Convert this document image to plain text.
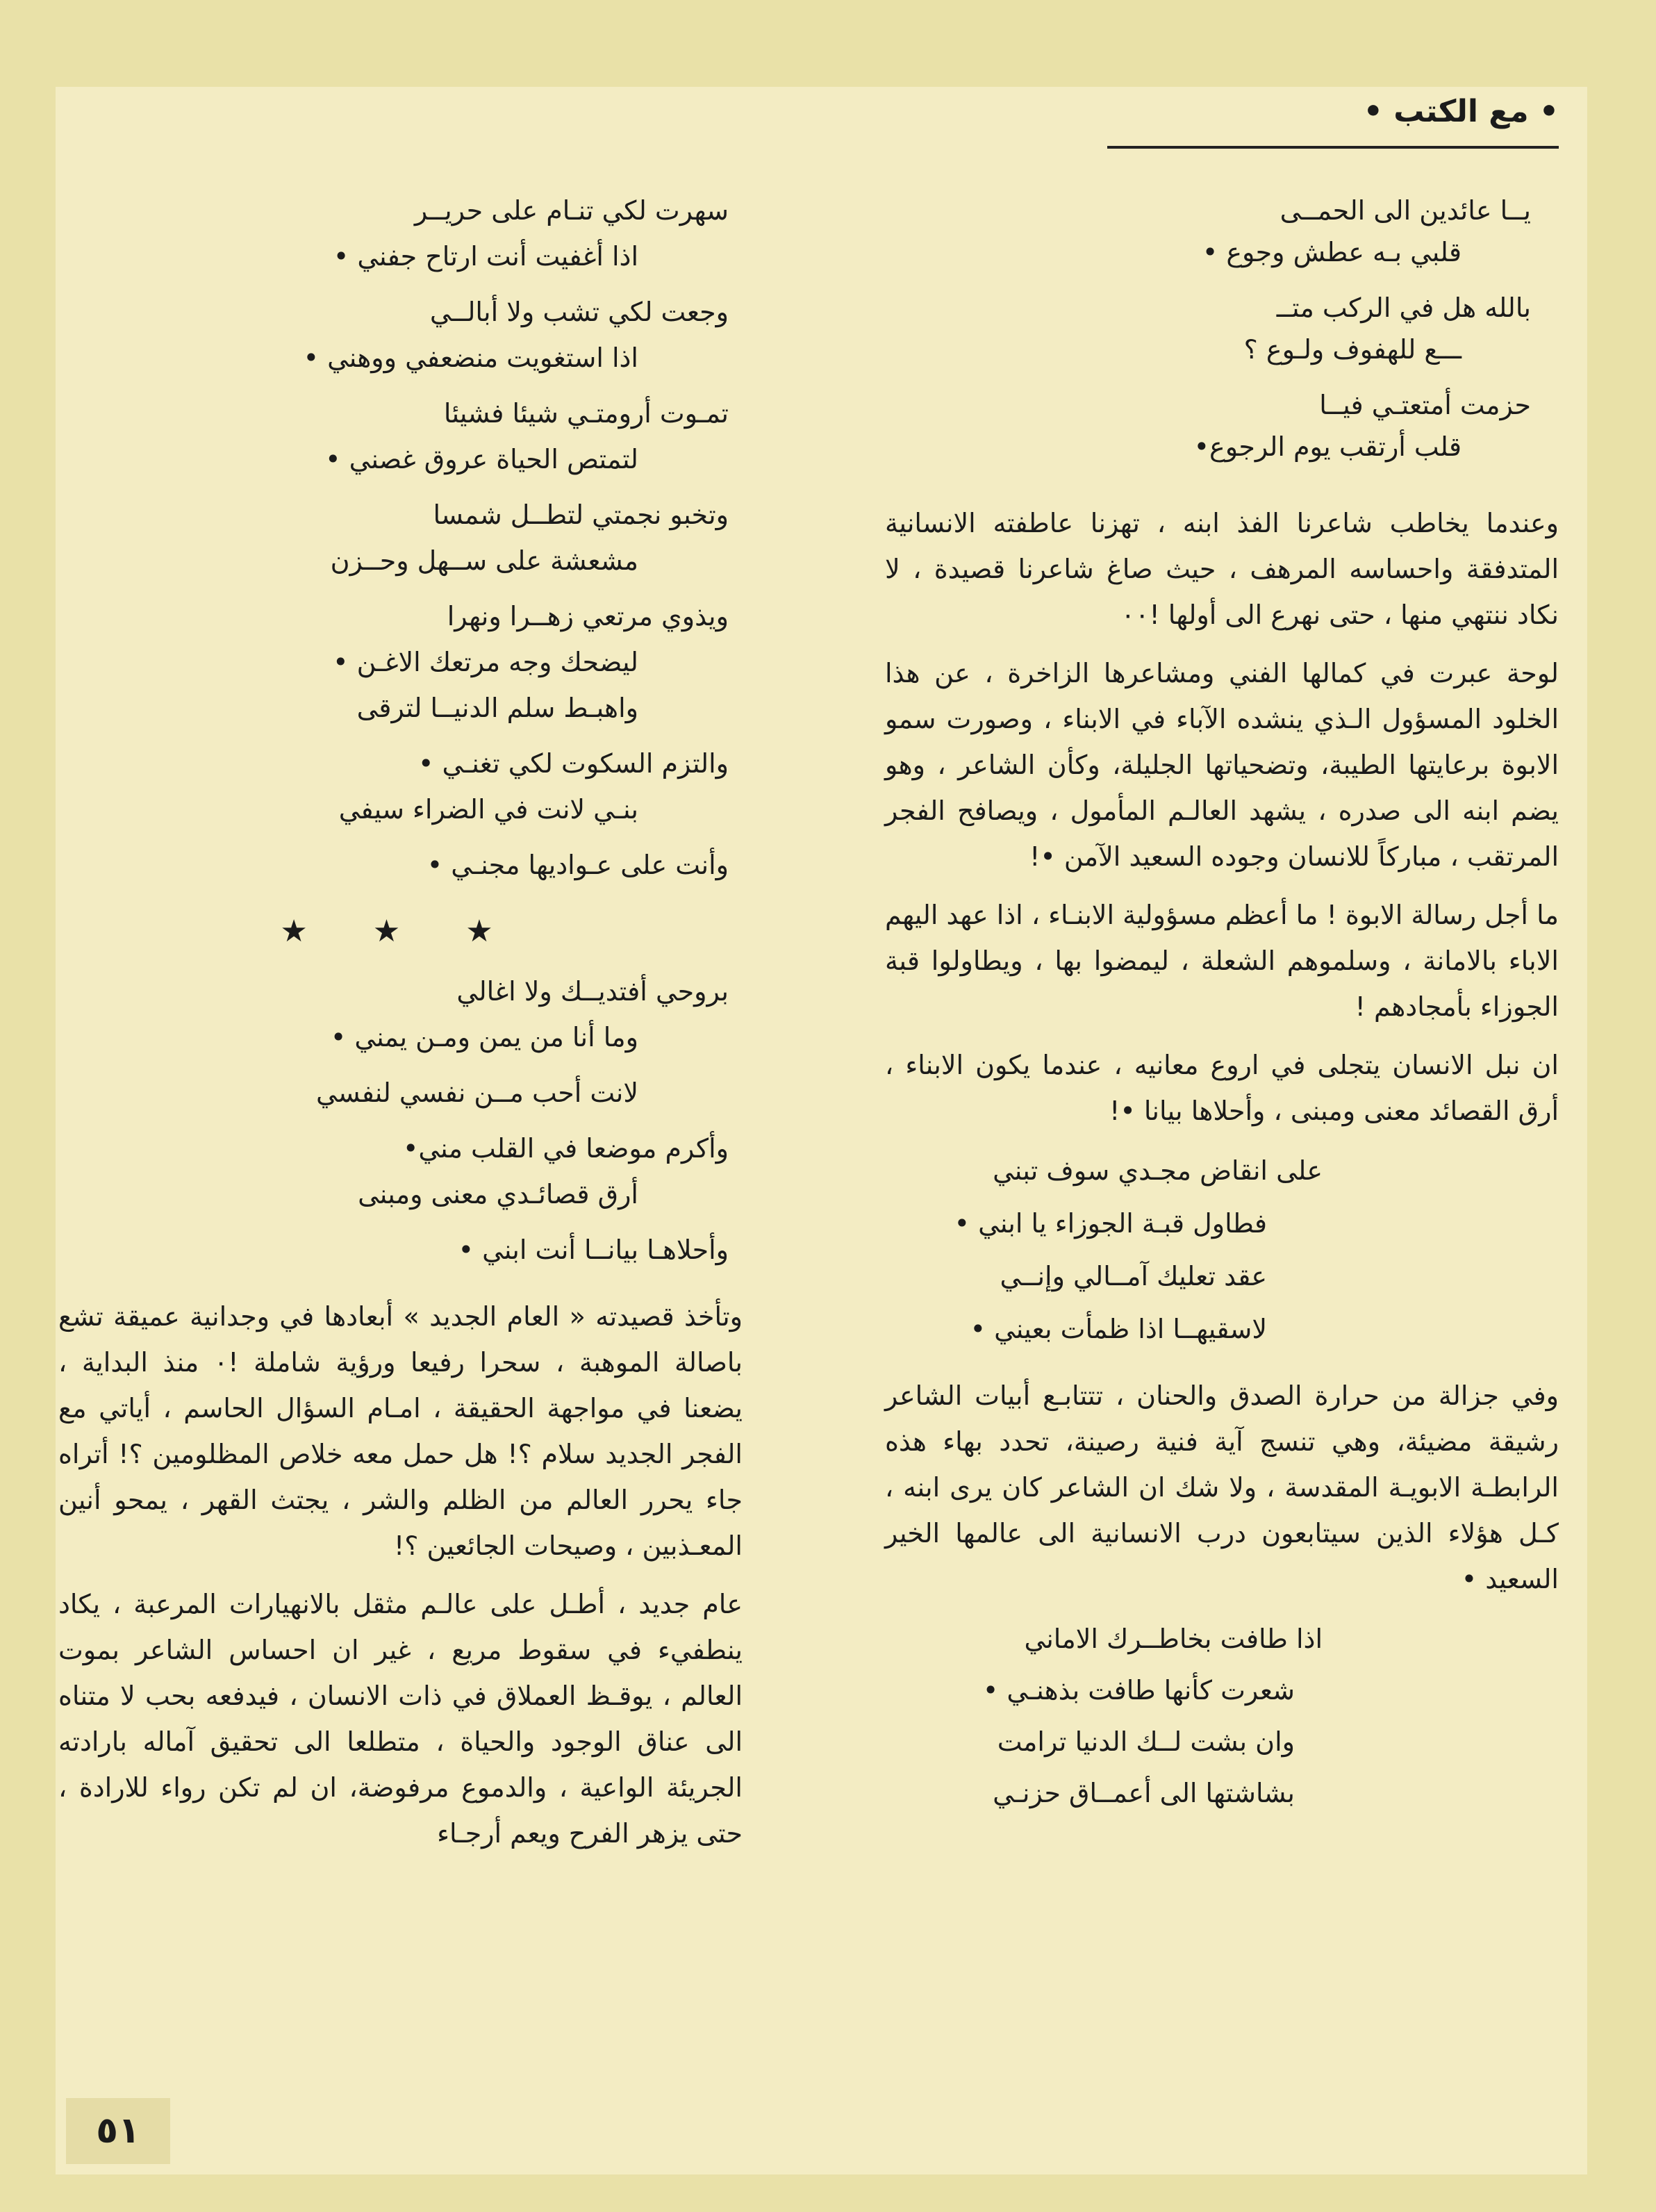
• مع الكتب •
يــا عائدين الى الحمــى
قلبي بـه عطش وجوع •
بالله هل في الركب متــ
ـــع للهفوف ولـوع ؟
حزمت أمتعتـي فيــا
قلب أرتقب يوم الرجوع•

وعندما يخاطب شاعرنا الفذ ابنه ، تهزنا عاطفته الانسانية المتدفقة واحساسه المرهف ، حيث صاغ شاعرنا قصيدة ، لا نكاد ننتهي منها ، حتى نهرع الى أولها !٠٠

لوحة عبرت في كمالها الفني ومشاعرها الزاخرة ، عن هذا الخلود المسؤول الـذي ينشده الآباء في الابناء ، وصورت سمو الابوة برعايتها الطيبة، وتضحياتها الجليلة، وكأن الشاعر ، وهو يضم ابنه الى صدره ، يشهد العالـم المأمول ، ويصافح الفجر المرتقب ، مباركاً للانسان وجوده السعيد الآمن •!

ما أجل رسالة الابوة ! ما أعظم مسؤولية الابنـاء ، اذا عهد اليهم الاباء بالامانة ، وسلموهم الشعلة ، ليمضوا بها ، ويطاولوا قبة الجوزاء بأمجادهم !

ان نبل الانسان يتجلى في اروع معانيه ، عندما يكون الابناء ، أرق القصائد معنى ومبنى ، وأحلاها بيانا •!

على انقاض مجـدي سوف تبني
فطاول قبـة الجوزاء يا ابني •
عقد تعليك آمــالي وإنــي
لاسقيهــا اذا ظمأت بعيني •

وفي جزالة من حرارة الصدق والحنان ، تتتابـع أبيات الشاعر رشيقة مضيئة، وهي تنسج آية فنية رصينة، تحدد بهاء هذه الرابطـة الابويـة المقدسة ، ولا شك ان الشاعر كان يرى ابنه ، كـل هؤلاء الذين سيتابعون درب الانسانية الى عالمها الخير السعيد •

اذا طافت بخاطــرك الاماني
شعرت كأنها طافت بذهنـي •
وان بشت لــك الدنيا ترامت
بشاشتها الى أعمــاق حزنـي
سهرت لكي تنـام على حريــر
اذا أغفيت أنت ارتاح جفني •
وجعت لكي تشب ولا أبالــي
اذا استغويت منضعفي ووهني •
تمـوت أرومتـي شيئا فشيئا
لتمتص الحياة عروق غصني •
وتخبو نجمتي لتطــل شمسا
مشعشة على ســهل وحــزن
ويذوي مرتعي زهــرا ونهرا
ليضحك وجه مرتعك الاغـن •
واهبـط سلم الدنيــا لترقى
والتزم السكوت لكي تغنـي •
بنـي لانت في الضراء سيفي
وأنت على عـواديها مجنـي •
★ ★ ★
بروحي أفتديــك ولا اغالي
وما أنا من يمن ومـن يمني •
لانت أحب مــن نفسي لنفسي
وأكرم موضعا في القلب مني•
أرق قصائـدي معنى ومبنى
وأحلاهـا بيانــا أنت ابني •

وتأخذ قصيدته « العام الجديد » أبعادها في وجدانية عميقة تشع باصالة الموهبة ، سحرا رفيعا ورؤية شاملة !٠ منذ البداية ، يضعنا في مواجهة الحقيقة ، امـام السؤال الحاسم ، أياتي مع الفجر الجديد سلام ؟! هل حمل معه خلاص المظلومين ؟! أتراه جاء يحرر العالم من الظلم والشر ، يجتث القهر ، يمحو أنين المعـذبين ، وصيحات الجائعين ؟!

عام جديد ، أطـل على عالـم مثقل بالانهيارات المرعبة ، يكاد ينطفيء في سقوط مريع ، غير ان احساس الشاعر بموت العالم ، يوقـظ العملاق في ذات الانسان ، فيدفعه بحب لا متناه الى عناق الوجود والحياة ، متطلعا الى تحقيق آماله بارادته الجريئة الواعية ، والدموع مرفوضة، ان لم تكن رواء للارادة ، حتى يزهر الفرح ويعم أرجـاء

٥١
